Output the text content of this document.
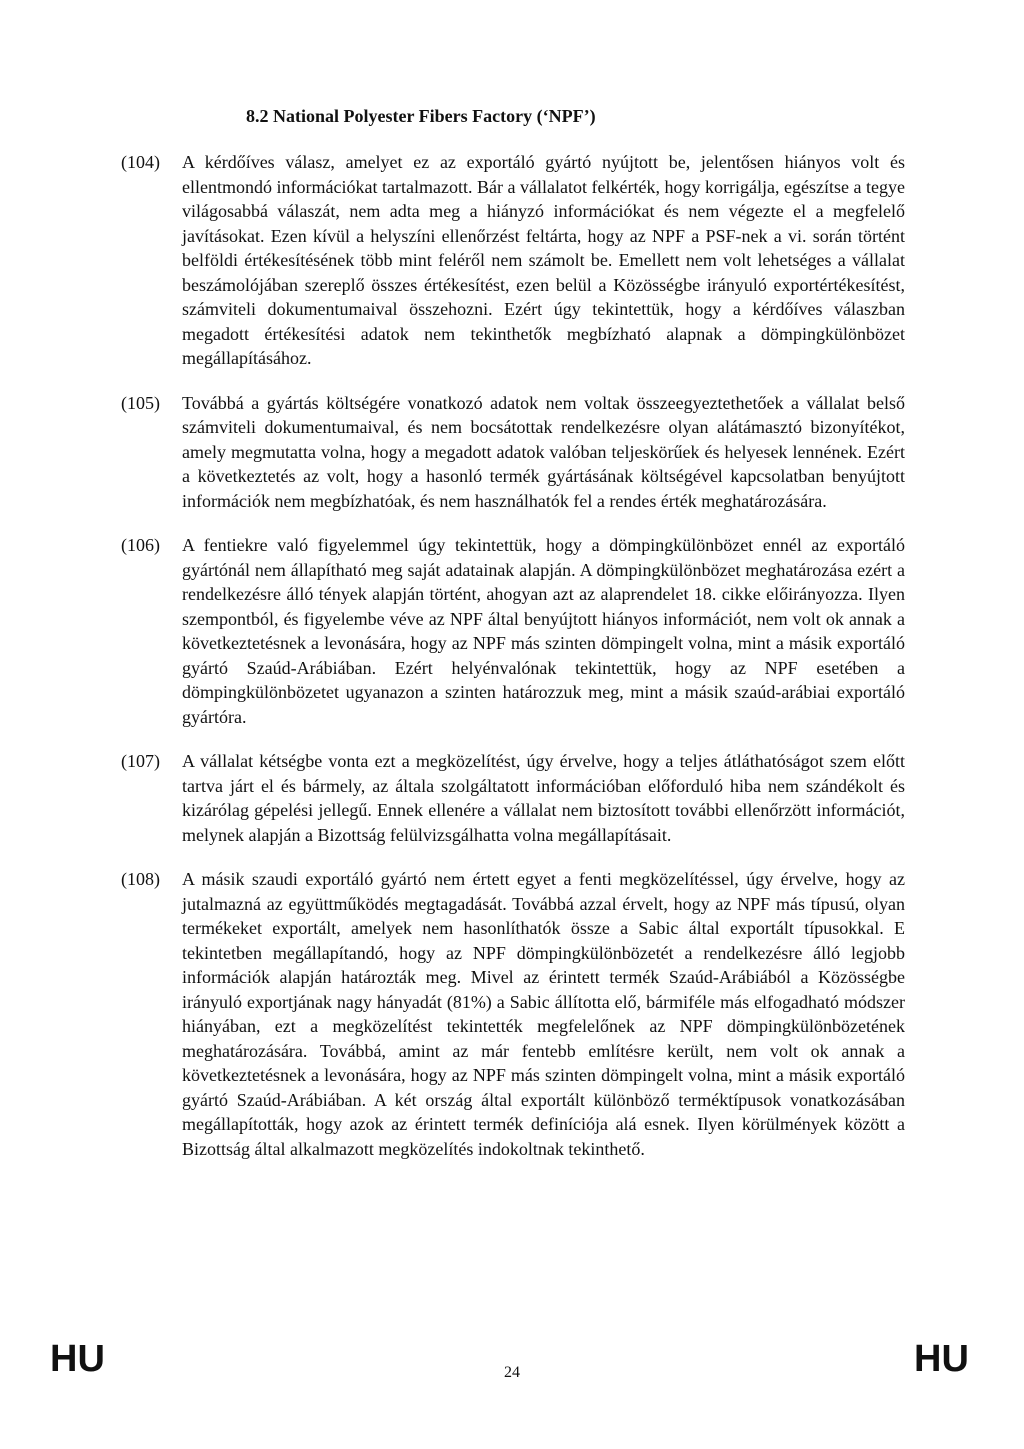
8.2 National Polyester Fibers Factory (‘NPF’)
(104)	A kérdőíves válasz, amelyet ez az exportáló gyártó nyújtott be, jelentősen hiányos volt és ellentmondó információkat tartalmazott. Bár a vállalatot felkérték, hogy korrigálja, egészítse a tegye világosabbá válaszát, nem adta meg a hiányzó információkat és nem végezte el a megfelelő javításokat. Ezen kívül a helyszíni ellenőrzést feltárta, hogy az NPF a PSF-nek a vi. során történt belföldi értékesítésének több mint feléről nem számolt be. Emellett nem volt lehetséges a vállalat beszámolójában szereplő összes értékesítést, ezen belül a Közösségbe irányuló exportértékesítést, számviteli dokumentumaival összehozni. Ezért úgy tekintettük, hogy a kérdőíves válaszban megadott értékesítési adatok nem tekinthetők megbízható alapnak a dömpingkülönbözet megállapításához.
(105)	Továbbá a gyártás költségére vonatkozó adatok nem voltak összeegyeztethetőek a vállalat belső számviteli dokumentumaival, és nem bocsátottak rendelkezésre olyan alátámasztó bizonyítékot, amely megmutatta volna, hogy a megadott adatok valóban teljeskörűek és helyesek lennének. Ezért a következtetés az volt, hogy a hasonló termék gyártásának költségével kapcsolatban benyújtott információk nem megbízhatóak, és nem használhatók fel a rendes érték meghatározására.
(106)	A fentiekre való figyelemmel úgy tekintettük, hogy a dömpingkülönbözet ennél az exportáló gyártónál nem állapítható meg saját adatainak alapján. A dömpingkülönbözet meghatározása ezért a rendelkezésre álló tények alapján történt, ahogyan azt az alaprendelet 18. cikke előirányozza. Ilyen szempontból, és figyelembe véve az NPF által benyújtott hiányos információt, nem volt ok annak a következtetésnek a levonására, hogy az NPF más szinten dömpingelt volna, mint a másik exportáló gyártó Szaúd-Arábiában. Ezért helyénvalónak tekintettük, hogy az NPF esetében a dömpingkülönbözetet ugyanazon a szinten határozzuk meg, mint a másik szaúd-arábiai exportáló gyártóra.
(107)	A vállalat kétségbe vonta ezt a megközelítést, úgy érvelve, hogy a teljes átláthatóságot szem előtt tartva járt el és bármely, az általa szolgáltatott információban előforduló hiba nem szándékolt és kizárólag gépelési jellegű. Ennek ellenére a vállalat nem biztosított további ellenőrzött információt, melynek alapján a Bizottság felülvizsgálhatta volna megállapításait.
(108)	A másik szaudi exportáló gyártó nem értett egyet a fenti megközelítéssel, úgy érvelve, hogy az jutalmazná az együttműködés megtagadását. Továbbá azzal érvelt, hogy az NPF más típusú, olyan termékeket exportált, amelyek nem hasonlíthatók össze a Sabic által exportált típusokkal. E tekintetben megállapítandó, hogy az NPF dömpingkülönbözetét a rendelkezésre álló legjobb információk alapján határozták meg. Mivel az érintett termék Szaúd-Arábiából a Közösségbe irányuló exportjának nagy hányadát (81%) a Sabic állította elő, bármiféle más elfogadható módszer hiányában, ezt a megközelítést tekintették megfelelőnek az NPF dömpingkülönbözetének meghatározására. Továbbá, amint az már fentebb említésre került, nem volt ok annak a következtetésnek a levonására, hogy az NPF más szinten dömpingelt volna, mint a másik exportáló gyártó Szaúd-Arábiában. A két ország által exportált különböző terméktípusok vonatkozásában megállapították, hogy azok az érintett termék definíciója alá esnek. Ilyen körülmények között a Bizottság által alkalmazott megközelítés indokoltnak tekinthető.
HU	24	HU
